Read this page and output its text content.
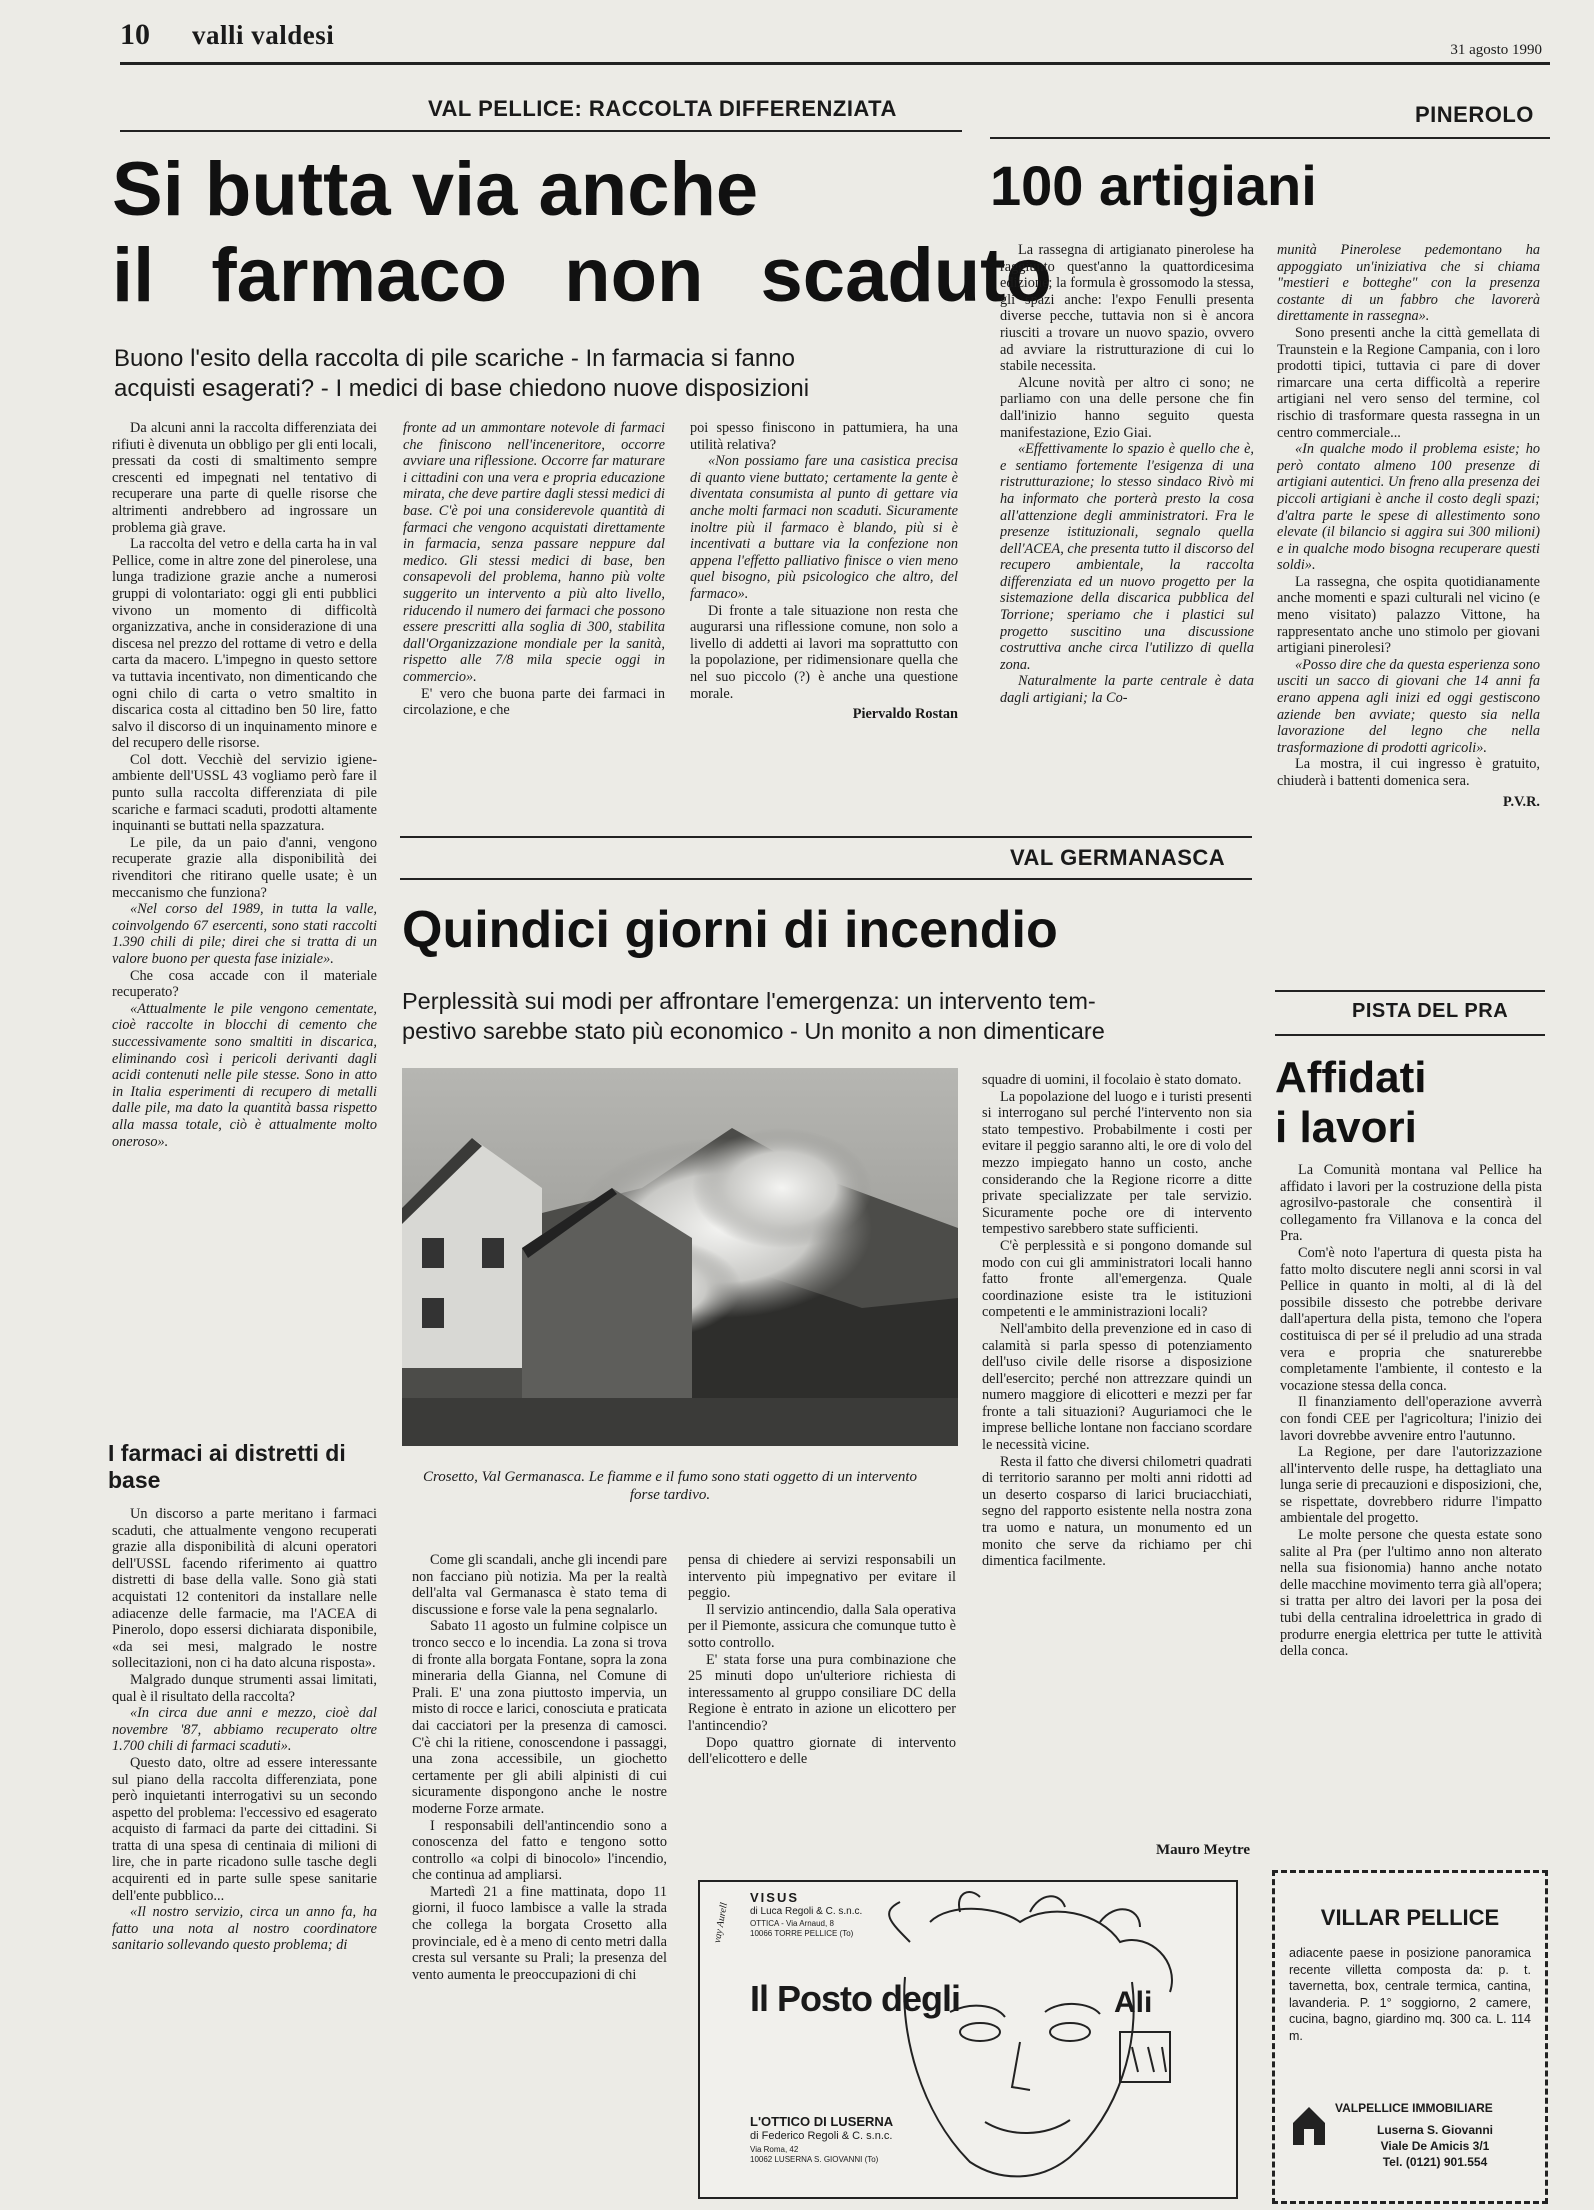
10 valli valdesi	31 agosto 1990
VAL PELLICE: RACCOLTA DIFFERENZIATA	PINEROLO
Si butta via anche
il farmaco non scaduto
Buono l'esito della raccolta di pile scariche - In farmacia si fanno
acquisti esagerati? - I medici di base chiedono nuove disposizioni

Da alcuni anni la raccolta differenziata dei rifiuti è divenuta un obbligo per gli enti locali, pressati da costi di smaltimento sempre crescenti ed impegnati nel tentativo di recuperare una parte di quelle risorse che altrimenti andrebbero ad ingrossare un problema già grave.

La raccolta del vetro e della carta ha in val Pellice, come in altre zone del pinerolese, una lunga tradizione grazie anche a numerosi gruppi di volontariato: oggi gli enti pubblici vivono un momento di difficoltà organizzativa, anche in considerazione di una discesa nel prezzo del rottame di vetro e della carta da macero. L'impegno in questo settore va tuttavia incentivato, non dimenticando che ogni chilo di carta o vetro smaltito in discarica costa al cittadino ben 50 lire, fatto salvo il discorso di un inquinamento minore e del recupero delle risorse.

Col dott. Vecchiè del servizio igiene-ambiente dell'USSL 43 vogliamo però fare il punto sulla raccolta differenziata di pile scariche e farmaci scaduti, prodotti altamente inquinanti se buttati nella spazzatura.

Le pile, da un paio d'anni, vengono recuperate grazie alla disponibilità dei rivenditori che ritirano quelle usate; è un meccanismo che funziona?

«Nel corso del 1989, in tutta la valle, coinvolgendo 67 esercenti, sono stati raccolti 1.390 chili di pile; direi che si tratta di un valore buono per questa fase iniziale».

Che cosa accade con il materiale recuperato?

«Attualmente le pile vengono cementate, cioè raccolte in blocchi di cemento che successivamente sono smaltiti in discarica, eliminando così i pericoli derivanti dagli acidi contenuti nelle pile stesse. Sono in atto in Italia esperimenti di recupero di metalli dalle pile, ma dato la quantità bassa rispetto alla massa totale, ciò è attualmente molto oneroso».

I farmaci ai distretti di base

Un discorso a parte meritano i farmaci scaduti, che attualmente vengono recuperati grazie alla disponibilità di alcuni operatori dell'USSL facendo riferimento ai quattro distretti di base della valle. Sono già stati acquistati 12 contenitori da installare nelle adiacenze delle farmacie, ma l'ACEA di Pinerolo, dopo essersi dichiarata disponibile, «da sei mesi, malgrado le nostre sollecitazioni, non ci ha dato alcuna risposta».

Malgrado dunque strumenti assai limitati, qual è il risultato della raccolta?

«In circa due anni e mezzo, cioè dal novembre '87, abbiamo recuperato oltre 1.700 chili di farmaci scaduti».

Questo dato, oltre ad essere interessante sul piano della raccolta differenziata, pone però inquietanti interrogativi su un secondo aspetto del problema: l'eccessivo ed esagerato acquisto di farmaci da parte dei cittadini. Si tratta di una spesa di centinaia di milioni di lire, che in parte ricadono sulle tasche degli acquirenti ed in parte sulle spese sanitarie dell'ente pubblico...

«Il nostro servizio, circa un anno fa, ha fatto una nota al nostro coordinatore sanitario sollevando questo problema; di

fronte ad un ammontare notevole di farmaci che finiscono nell'inceneritore, occorre avviare una riflessione. Occorre far maturare i cittadini con una vera e propria educazione mirata, che deve partire dagli stessi medici di base. C'è poi una considerevole quantità di farmaci che vengono acquistati direttamente in farmacia, senza passare neppure dal medico. Gli stessi medici di base, ben consapevoli del problema, hanno più volte suggerito un intervento a più alto livello, riducendo il numero dei farmaci che possono essere prescritti alla soglia di 300, stabilita dall'Organizzazione mondiale per la sanità, rispetto alle 7/8 mila specie oggi in commercio».

E' vero che buona parte dei farmaci in circolazione, e che

poi spesso finiscono in pattumiera, ha una utilità relativa?

«Non possiamo fare una casistica precisa di quanto viene buttato; certamente la gente è diventata consumista al punto di gettare via anche molti farmaci non scaduti. Sicuramente inoltre più il farmaco è blando, più si è incentivati a buttare via la confezione non appena l'effetto palliativo finisce o vien meno quel bisogno, più psicologico che altro, del farmaco».

Di fronte a tale situazione non resta che augurarsi una riflessione comune, non solo a livello di addetti ai lavori ma soprattutto con la popolazione, per ridimensionare quella che nel suo piccolo (?) è anche una questione morale.

Piervaldo Rostan

100 artigiani

La rassegna di artigianato pinerolese ha raggiunto quest'anno la quattordicesima edizione; la formula è grossomodo la stessa, gli spazi anche: l'expo Fenulli presenta diverse pecche, tuttavia non si è ancora riusciti a trovare un nuovo spazio, ovvero ad avviare la ristrutturazione di cui lo stabile necessita.

Alcune novità per altro ci sono; ne parliamo con una delle persone che fin dall'inizio hanno seguito questa manifestazione, Ezio Giai.

«Effettivamente lo spazio è quello che è, e sentiamo fortemente l'esigenza di una ristrutturazione; lo stesso sindaco Rivò mi ha informato che porterà presto la cosa all'attenzione degli amministratori. Fra le presenze istituzionali, segnalo quella dell'ACEA, che presenta tutto il discorso del recupero ambientale, la raccolta differenziata ed un nuovo progetto per la sistemazione della discarica pubblica del Torrione; speriamo che i plastici sul progetto suscitino una discussione costruttiva anche circa l'utilizzo di quella zona.

Naturalmente la parte centrale è data dagli artigiani; la Co-

munità Pinerolese pedemontano ha appoggiato un'iniziativa che si chiama "mestieri e botteghe" con la presenza costante di un fabbro che lavorerà direttamente in rassegna».

Sono presenti anche la città gemellata di Traunstein e la Regione Campania, con i loro prodotti tipici, tuttavia ci pare di dover rimarcare una certa difficoltà a reperire artigiani nel vero senso del termine, col rischio di trasformare questa rassegna in un centro commerciale...

«In qualche modo il problema esiste; ho però contato almeno 100 presenze di artigiani autentici. Un freno alla presenza dei piccoli artigiani è anche il costo degli spazi; d'altra parte le spese di allestimento sono elevate (il bilancio si aggira sui 300 milioni) e in qualche modo bisogna recuperare questi soldi».

La rassegna, che ospita quotidianamente anche momenti e spazi culturali nel vicino (e meno visitato) palazzo Vittone, ha rappresentato anche uno stimolo per giovani artigiani pinerolesi?

«Posso dire che da questa esperienza sono usciti un sacco di giovani che 14 anni fa erano appena agli inizi ed oggi gestiscono aziende ben avviate; questo sia nella lavorazione del legno che nella trasformazione di prodotti agricoli».

La mostra, il cui ingresso è gratuito, chiuderà i battenti domenica sera.

P.V.R.

VAL GERMANASCA
Quindici giorni di incendio
Perplessità sui modi per affrontare l'emergenza: un intervento tem-
pestivo sarebbe stato più economico - Un monito a non dimenticare
Crosetto, Val Germanasca. Le fiamme e il fumo sono stati oggetto di un intervento forse tardivo.

Come gli scandali, anche gli incendi pare non facciano più notizia. Ma per la realtà dell'alta val Germanasca è stato tema di discussione e forse vale la pena segnalarlo.

Sabato 11 agosto un fulmine colpisce un tronco secco e lo incendia. La zona si trova di fronte alla borgata Fontane, sopra la zona mineraria della Gianna, nel Comune di Prali. E' una zona piuttosto impervia, un misto di rocce e larici, conosciuta e praticata dai cacciatori per la presenza di camosci. C'è chi la ritiene, conoscendone i passaggi, una zona accessibile, un giochetto certamente per gli abili alpinisti di cui sicuramente dispongono anche le nostre moderne Forze armate.

I responsabili dell'antincendio sono a conoscenza del fatto e tengono sotto controllo «a colpi di binocolo» l'incendio, che continua ad ampliarsi.

Martedì 21 a fine mattinata, dopo 11 giorni, il fuoco lambisce a valle la strada che collega la borgata Crosetto alla provinciale, ed è a meno di cento metri dalla cresta sul versante su Prali; la presenza del vento aumenta le preoccupazioni di chi

pensa di chiedere ai servizi responsabili un intervento più impegnativo per evitare il peggio.

Il servizio antincendio, dalla Sala operativa per il Piemonte, assicura che comunque tutto è sotto controllo.

E' stata forse una pura combinazione che 25 minuti dopo un'ulteriore richiesta di interessamento al gruppo consiliare DC della Regione è entrato in azione un elicottero per l'antincendio?

Dopo quattro giornate di intervento dell'elicottero e delle

squadre di uomini, il focolaio è stato domato.

La popolazione del luogo e i turisti presenti si interrogano sul perché l'intervento non sia stato tempestivo. Probabilmente i costi per evitare il peggio saranno alti, le ore di volo del mezzo impiegato hanno un costo, anche considerando che la Regione ricorre a ditte private specializzate per tale servizio. Sicuramente poche ore di intervento tempestivo sarebbero state sufficienti.

C'è perplessità e si pongono domande sul modo con cui gli amministratori locali hanno fatto fronte all'emergenza. Quale coordinazione esiste tra le istituzioni competenti e le amministrazioni locali?

Nell'ambito della prevenzione ed in caso di calamità si parla spesso di potenziamento dell'uso civile delle risorse a disposizione dell'esercito; perché non attrezzare quindi un numero maggiore di elicotteri e mezzi per far fronte a tali situazioni? Auguriamoci che le imprese belliche lontane non facciano scordare le necessità vicine.

Resta il fatto che diversi chilometri quadrati di territorio saranno per molti anni ridotti ad un deserto cosparso di larici bruciacchiati, segno del rapporto esistente nella nostra zona tra uomo e natura, un monumento ed un monito che serve da richiamo per chi dimentica facilmente.

Mauro Meytre
PISTA DEL PRA
Affidati
i lavori

La Comunità montana val Pellice ha affidato i lavori per la costruzione della pista agrosilvo-pastorale che consentirà il collegamento fra Villanova e la conca del Pra.

Com'è noto l'apertura di questa pista ha fatto molto discutere negli anni scorsi in val Pellice in quanto in molti, al di là del possibile dissesto che potrebbe derivare dall'apertura della pista, temono che l'opera costituisca di per sé il preludio ad una strada vera e propria che snaturerebbe completamente l'ambiente, il contesto e la vocazione stessa della conca.

Il finanziamento dell'operazione avverrà con fondi CEE per l'agricoltura; l'inizio dei lavori dovrebbe avvenire entro l'autunno.

La Regione, per dare l'autorizzazione all'intervento delle ruspe, ha dettagliato una lunga serie di precauzioni e disposizioni, che, se rispettate, dovrebbero ridurre l'impatto ambientale del progetto.

Le molte persone che questa estate sono salite al Pra (per l'ultimo anno non alterato nella sua fisionomia) hanno anche notato delle macchine movimento terra già all'opera; si tratta per altro dei lavori per la posa dei tubi della centralina idroelettrica in grado di produrre energia elettrica per tutte le attività della conca.

VISUS
di Luca Regoli & C. s.n.c.
OTTICA - Via Arnaud, 8
10066 TORRE PELLICE (To)
Il Posto degli	Ali
vay Aurell
L'OTTICO DI LUSERNA
di Federico Regoli & C. s.n.c.
Via Roma, 42
10062 LUSERNA S. GIOVANNI (To)
VILLAR PELLICE
adiacente paese in posizione panoramica recente villetta composta da: p. t. tavernetta, box, centrale termica, cantina, lavanderia. P. 1° soggiorno, 2 camere, cucina, bagno, giardino mq. 300 ca. L. 114 m.
VALPELLICE IMMOBILIARE
Luserna S. Giovanni
Viale De Amicis 3/1
Tel. (0121) 901.554
